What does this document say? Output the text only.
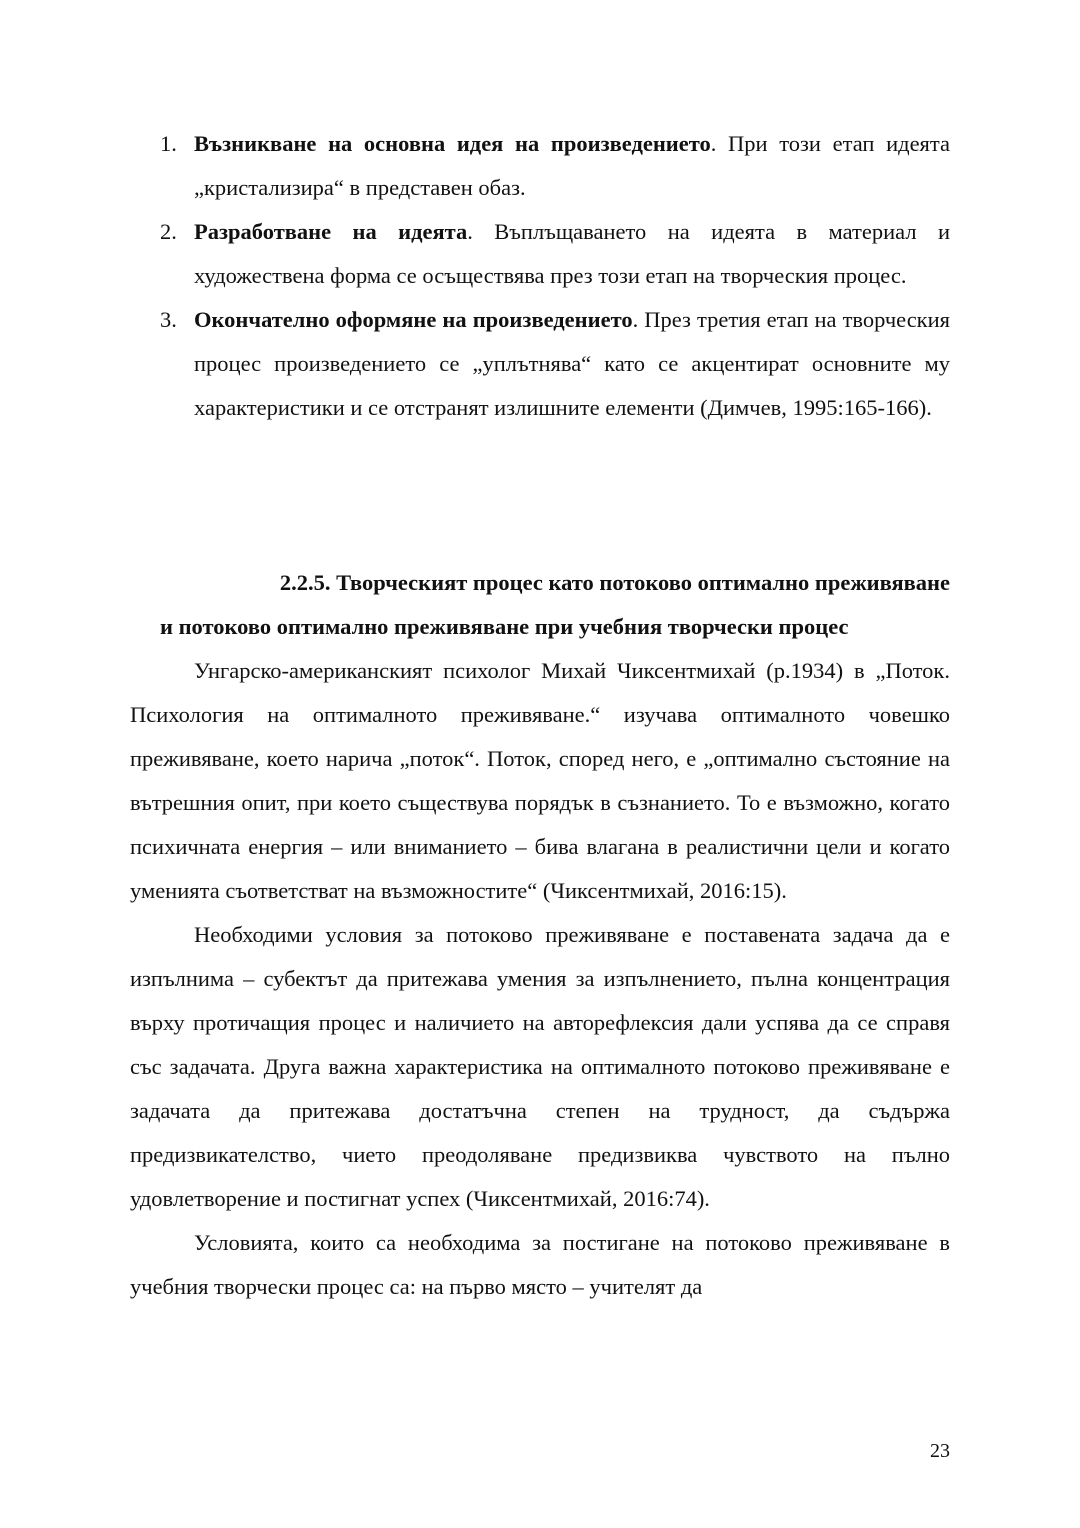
1. Възникване на основна идея на произведението. При този етап идеята „кристализира“ в представен обаз.
2. Разработване на идеята. Въплъщаването на идеята в материал и художествена форма се осъществява през този етап на творческия процес.
3. Окончателно оформяне на произведението. През третия етап на творческия процес произведението се „уплътнява“ като се акцентират основните му характеристики и се отстранят излишните елементи (Димчев, 1995:165-166).
2.2.5. Творческият процес като потоково оптимално преживяване
и потоково оптимално преживяване при учебния творчески процес

Унгарско-американският психолог Михай Чиксентмихай (р.1934) в „Поток. Психология на оптималното преживяване.“ изучава оптималното човешко преживяване, което нарича „поток“. Поток, според него, е „оптимално състояние на вътрешния опит, при което съществува порядък в съзнанието. То е възможно, когато психичната енергия – или вниманието – бива влагана в реалистични цели и когато уменията съответстват на възможностите“ (Чиксентмихай, 2016:15).

Необходими условия за потоково преживяване е поставената задача да е изпълнима – субектът да притежава умения за изпълнението, пълна концентрация върху протичащия процес и наличието на авторефлексия дали успява да се справя със задачата. Друга важна характеристика на оптималното потоково преживяване е задачата да притежава достатъчна степен на трудност, да съдържа предизвикателство, чието преодоляване предизвиква чувството на пълно удовлетворение и постигнат успех (Чиксентмихай, 2016:74).

Условията, които са необходима за постигане на потоково преживяване в учебния творчески процес са: на първо място – учителят да

23
